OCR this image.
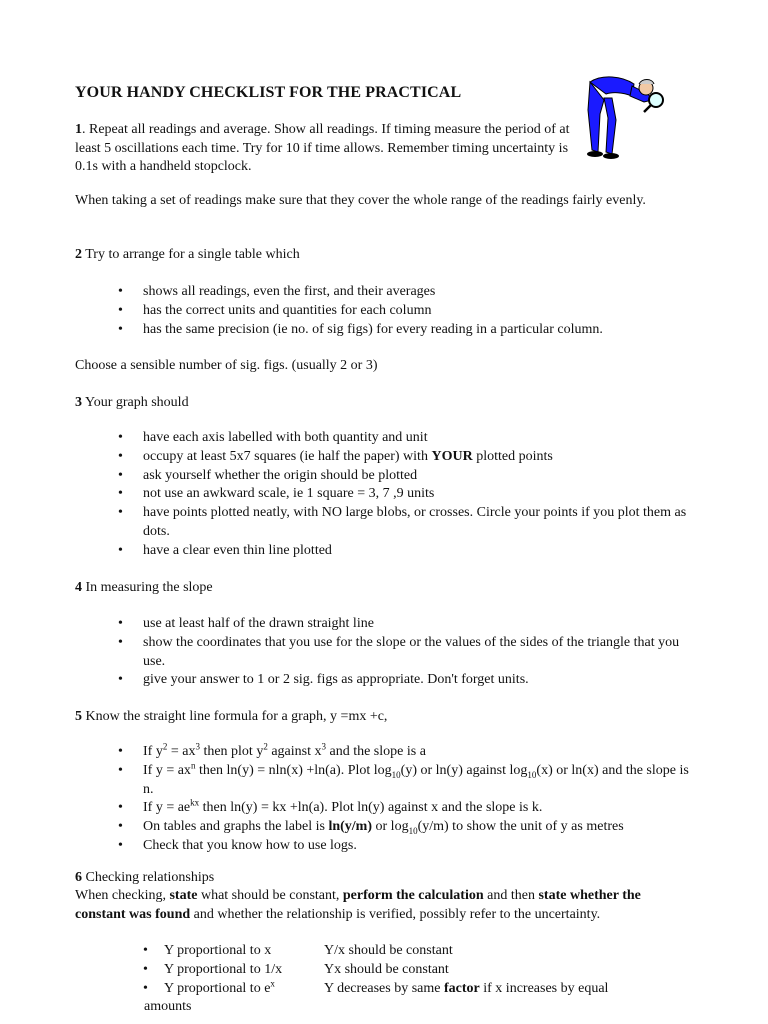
YOUR HANDY CHECKLIST FOR THE PRACTICAL
1. Repeat all readings and average. Show all readings. If timing measure the period of at least 5 oscillations each time. Try for 10 if time allows. Remember timing uncertainty is 0.1s with a handheld stopclock.
When taking a set of readings make sure that they cover the whole range of the readings fairly evenly.
2 Try to arrange for a single table which
• shows all readings, even the first, and their averages
• has the correct units and quantities for each column
• has the same precision (ie no. of sig figs) for every reading in a particular column.
Choose a sensible number of sig. figs. (usually 2 or 3)
3 Your graph should
• have each axis labelled with both quantity and unit
• occupy at least 5x7 squares (ie half the paper) with YOUR plotted points
• ask yourself whether the origin should be plotted
• not use an awkward scale, ie 1 square = 3, 7 ,9 units
• have points plotted neatly, with NO large blobs, or crosses. Circle your points if you plot them as dots.
• have a clear even thin line plotted
4 In measuring the slope
• use at least half of the drawn straight line
• show the coordinates that you use for the slope or the values of the sides of the triangle that you use.
• give your answer to 1 or 2 sig. figs as appropriate. Don't forget units.
5 Know the straight line formula for a graph, y =mx +c,
• If $y^2 = ax^3$ then plot $y^2$ against $x^3$ and the slope is a
• If $y = ax^n$ then ln(y) = nln(x) +ln(a). Plot $\log_{10}(y)$ or ln(y) against $\log_{10}(x)$ or ln(x) and the slope is n.
• If $y = ae^{kx}$ then ln(y) = kx +ln(a). Plot ln(y) against x and the slope is k.
• On tables and graphs the label is ln(y/m) or $\log_{10}(y/m)$ to show the unit of y as metres
• Check that you know how to use logs.
6 Checking relationships
When checking, state what should be constant, perform the calculation and then state whether the constant was found and whether the relationship is verified, possibly refer to the uncertainty.
• Y proportional to x	Y/x should be constant
• Y proportional to 1/x	Yx should be constant
• Y proportional to $e^x$	Y decreases by same factor if x increases by equal
amounts
